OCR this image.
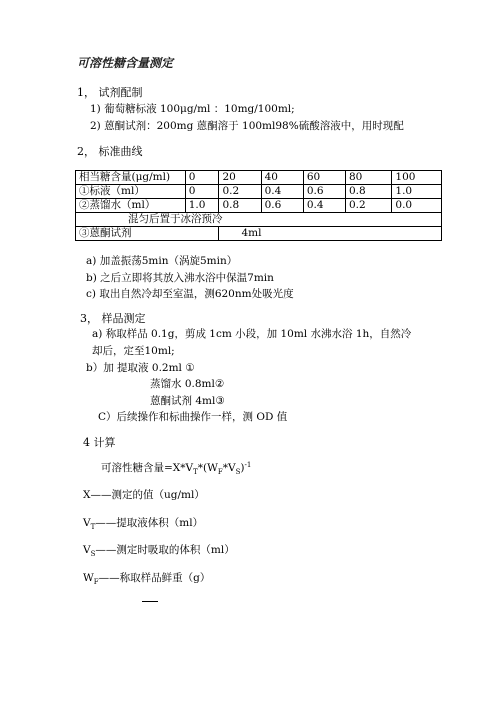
可溶性糖含量测定
1， 试剂配制
1) 葡萄糖标液 100μg/ml ：10mg/100ml;
2) 蒽酮试剂：200mg 蒽酮溶于 100ml98%硫酸溶液中，用时现配
2， 标准曲线
相当糖含量(μg/ml)	0	20	40	60	80	100
①标液（ml）	0	0.2	0.4	0.6	0.8	1.0
②蒸馏水（ml）	1.0	0.8	0.6	0.4	0.2	0.0
混匀后置于冰浴预冷						
③蒽酮试剂		4ml				
a) 加盖振荡5min（涡旋5min）
b) 之后立即将其放入沸水浴中保温7min
c) 取出自然冷却至室温，测620nm处吸光度
3， 样品测定
a) 称取样品 0.1g，剪成 1cm 小段，加 10ml 水沸水浴 1h，自然冷
却后，定至10ml;
b）加 提取液 0.2ml ①
蒸馏水 0.8ml②
蒽酮试剂 4ml③
C）后续操作和标曲操作一样，测 OD 值
4 计算
可溶性糖含量$=X*V_T*(W_F*V_S)^{-1}$
X——测定的值（ug/ml）
$V_T——$提取液体积（ml）
$V_S——$测定时吸取的体积（ml）
$W_F——$称取样品鲜重（g）
